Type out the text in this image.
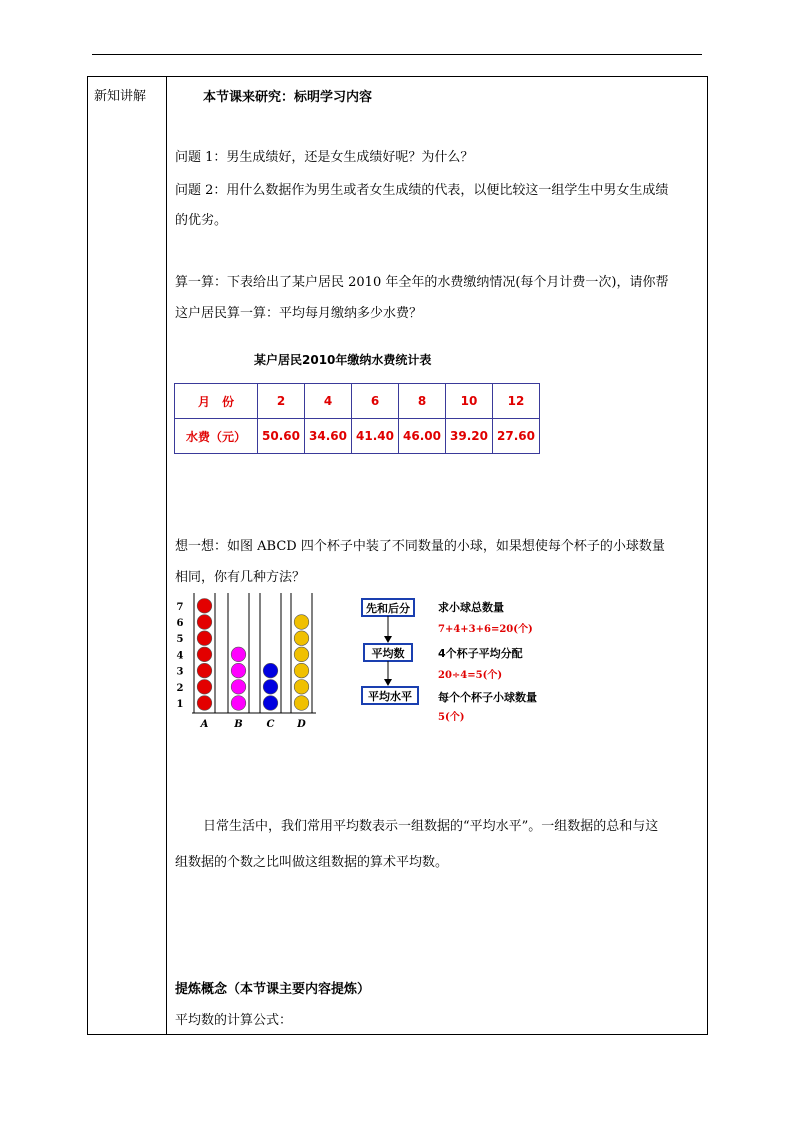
新知讲解	本节课来研究：标明学习内容
问题 1：男生成绩好，还是女生成绩好呢？为什么？
问题 2：用什么数据作为男生或者女生成绩的代表，以便比较这一组学生中男女生成绩
的优劣。
算一算：下表给出了某户居民 2010 年全年的水费缴纳情况(每个月计费一次)，请你帮
这户居民算一算：平均每月缴纳多少水费？
某户居民2010年缴纳水费统计表
月　份	2	4	6	8	10	12
水费（元）	50.60	34.60	41.40	46.00	39.20	27.60
想一想：如图 ABCD 四个杯子中装了不同数量的小球，如果想使每个杯子的小球数量
相同，你有几种方法？
7
6
5
4
3
2
1
A	B C D
先和后分
平均数
平均水平
求小球总数量
7+4+3+6=20(个)
4个杯子平均分配
20÷4=5(个)
每个个杯子小球数量
5(个)
日常生活中，我们常用平均数表示一组数据的“平均水平”。一组数据的总和与这
组数据的个数之比叫做这组数据的算术平均数。
提炼概念（本节课主要内容提炼）
平均数的计算公式：
